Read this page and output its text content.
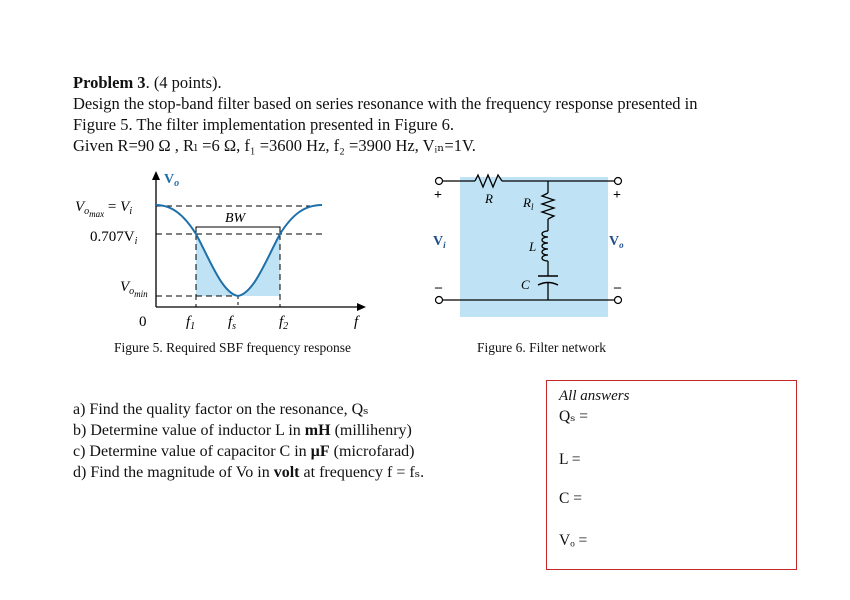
Problem 3. (4 points).
Design the stop-band filter based on series resonance with the frequency response presented in
Figure 5. The filter implementation presented in Figure 6.
Given R=90 Ω , Rₗ =6 Ω, f₁ =3600 Hz, f₂ =3900 Hz, Vᵢₙ=1V.
$V_o$
$V_{omax} = V_i$
$0.707V_i$
$V_{omin}$
BW
0	$f_1$ $f_s$	$f_2$	f
Figure 5. Required SBF frequency response
+	+
–	–
R $R_l$
L
C
$V_i$	$V_o$
Figure 6. Filter network
a) Find the quality factor on the resonance, Qₛ
b) Determine value of inductor L in mH (millihenry)
c) Determine value of capacitor C in µF (microfarad)
d) Find the magnitude of Vo in volt at frequency f = fₛ.
All answers
Qₛ =
L =
C =
Vₒ =
